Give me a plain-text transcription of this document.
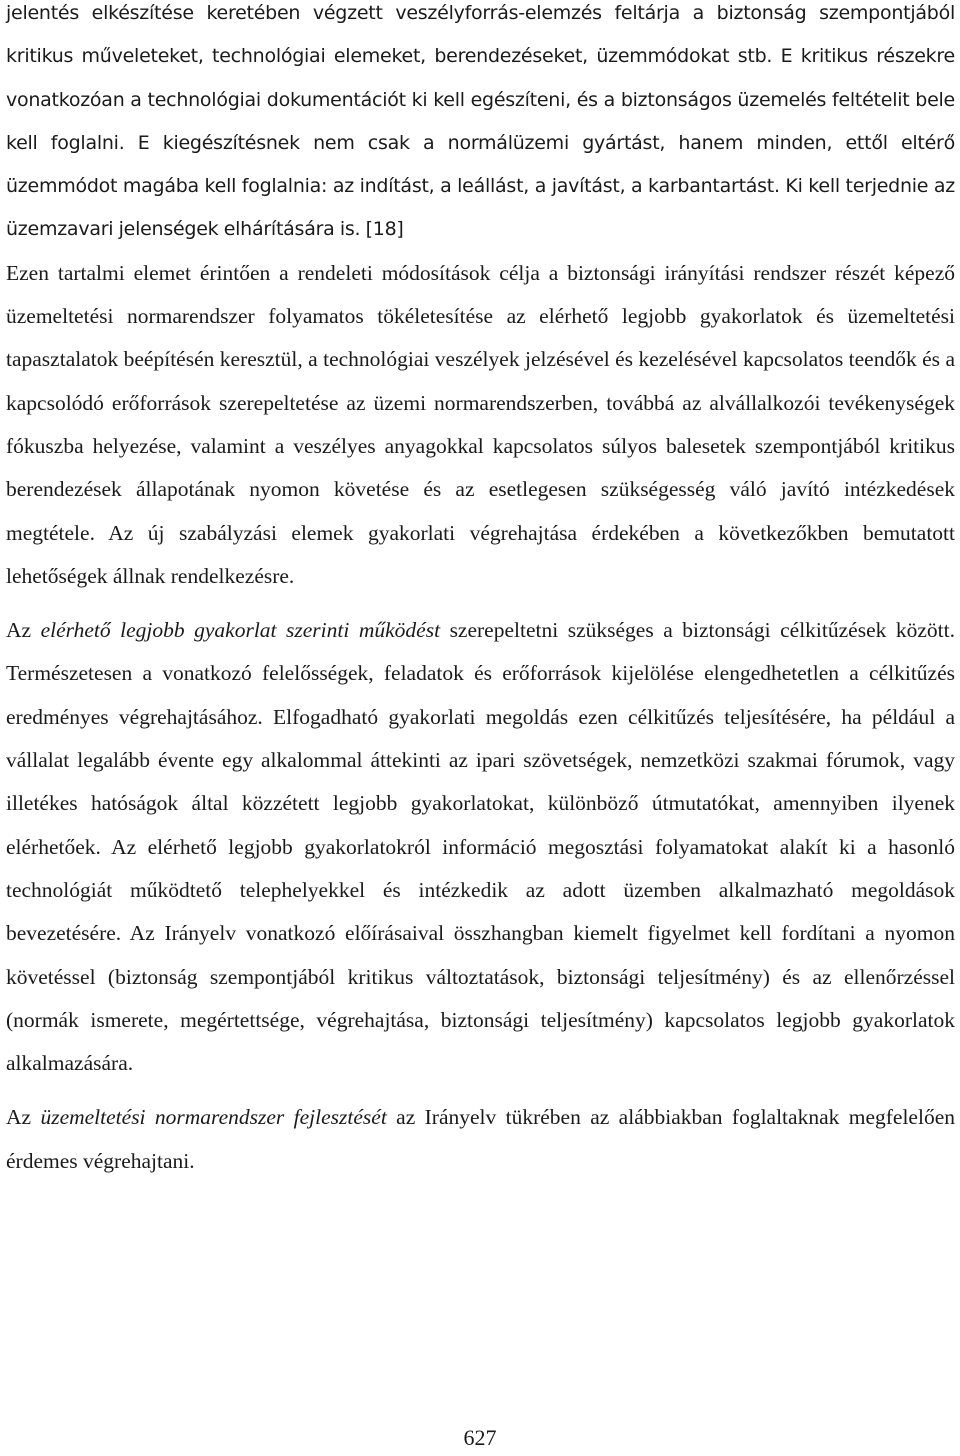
jelentés elkészítése keretében végzett veszélyforrás-elemzés feltárja a biztonság szempontjából kritikus műveleteket, technológiai elemeket, berendezéseket, üzemmódokat stb. E kritikus részekre vonatkozóan a technológiai dokumentációt ki kell egészíteni, és a biztonságos üzemelés feltételit bele kell foglalni. E kiegészítésnek nem csak a normálüzemi gyártást, hanem minden, ettől eltérő üzemmódot magába kell foglalnia: az indítást, a leállást, a javítást, a karbantartást. Ki kell terjednie az üzemzavari jelenségek elhárítására is. [18]

Ezen tartalmi elemet érintően a rendeleti módosítások célja a biztonsági irányítási rendszer részét képező üzemeltetési normarendszer folyamatos tökéletesítése az elérhető legjobb gyakorlatok és üzemeltetési tapasztalatok beépítésén keresztül, a technológiai veszélyek jelzésével és kezelésével kapcsolatos teendők és a kapcsolódó erőforrások szerepeltetése az üzemi normarendszerben, továbbá az alvállalkozói tevékenységek fókuszba helyezése, valamint a veszélyes anyagokkal kapcsolatos súlyos balesetek szempontjából kritikus berendezések állapotának nyomon követése és az esetlegesen szükségesség váló javító intézkedések megtétele. Az új szabályzási elemek gyakorlati végrehajtása érdekében a következőkben bemutatott lehetőségek állnak rendelkezésre.

Az elérhető legjobb gyakorlat szerinti működést szerepeltetni szükséges a biztonsági célkitűzések között. Természetesen a vonatkozó felelősségek, feladatok és erőforrások kijelölése elengedhetetlen a célkitűzés eredményes végrehajtásához. Elfogadható gyakorlati megoldás ezen célkitűzés teljesítésére, ha például a vállalat legalább évente egy alkalommal áttekinti az ipari szövetségek, nemzetközi szakmai fórumok, vagy illetékes hatóságok által közzétett legjobb gyakorlatokat, különböző útmutatókat, amennyiben ilyenek elérhetőek. Az elérhető legjobb gyakorlatokról információ megosztási folyamatokat alakít ki a hasonló technológiát működtető telephelyekkel és intézkedik az adott üzemben alkalmazható megoldások bevezetésére. Az Irányelv vonatkozó előírásaival összhangban kiemelt figyelmet kell fordítani a nyomon követéssel (biztonság szempontjából kritikus változtatások, biztonsági teljesítmény) és az ellenőrzéssel (normák ismerete, megértettsége, végrehajtása, biztonsági teljesítmény) kapcsolatos legjobb gyakorlatok alkalmazására.

Az üzemeltetési normarendszer fejlesztését az Irányelv tükrében az alábbiakban foglaltaknak megfelelően érdemes végrehajtani.

627
